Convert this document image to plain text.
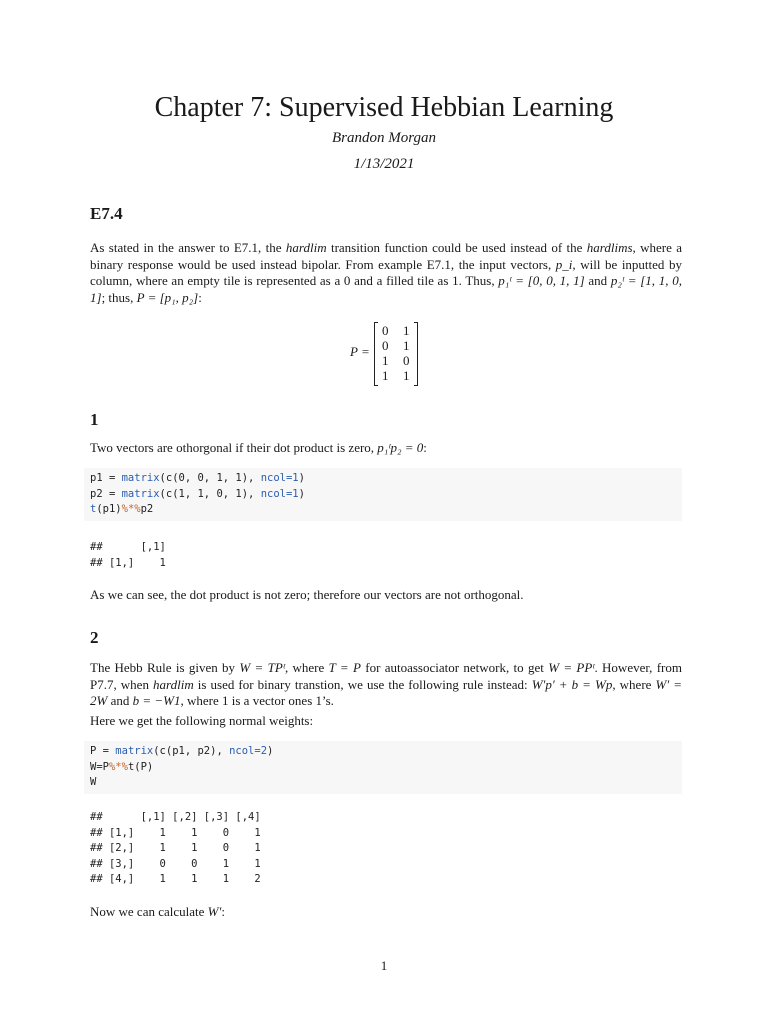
Chapter 7: Supervised Hebbian Learning
Brandon Morgan
1/13/2021
E7.4
As stated in the answer to E7.1, the hardlim transition function could be used instead of the hardlims, where a binary response would be used instead bipolar. From example E7.1, the input vectors, p_i, will be inputted by column, where an empty tile is represented as a 0 and a filled tile as 1. Thus, p₁ᵗ = [0, 0, 1, 1] and p₂ᵗ = [1, 1, 0, 1]; thus, P = [p₁, p₂]:
P =
0 1
0 1
1 0
1 1
1
Two vectors are othorgonal if their dot product is zero, p₁ᵗp₂ = 0:
p1 = matrix(c(0, 0, 1, 1), ncol=1)
p2 = matrix(c(1, 1, 0, 1), ncol=1)
t(p1)%*%p2
##      [,1]
## [1,]    1
As we can see, the dot product is not zero; therefore our vectors are not orthogonal.
2
The Hebb Rule is given by W = TPᵗ, where T = P for autoassociator network, to get W = PPᵗ. However, from P7.7, when hardlim is used for binary transtion, we use the following rule instead: W′p′ + b = Wp, where W′ = 2W and b = −W1, where 1 is a vector ones 1’s.
Here we get the following normal weights:
P = matrix(c(p1, p2), ncol=2)
W=P%*%t(P)
W
##      [,1] [,2] [,3] [,4]
## [1,]    1    1    0    1
## [2,]    1    1    0    1
## [3,]    0    0    1    1
## [4,]    1    1    1    2
Now we can calculate W′:
1
